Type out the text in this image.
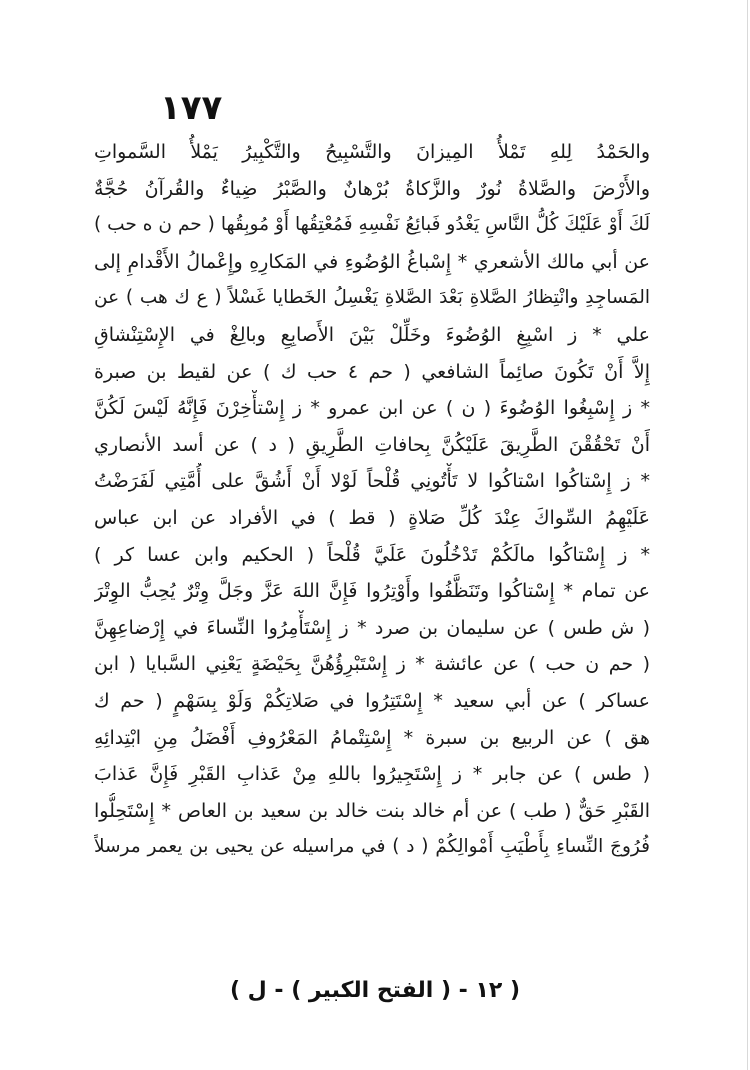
١٧٧
والحَمْدُ لِلهِ تَمْلأُ المِيزانَ والتَّسْبِيحُ والتَّكْبِيرُ يَمْلأُ السَّمواتِ
والأَرْضَ والصَّلاةُ نُورٌ والزَّكاةُ بُرْهانٌ والصَّبْرُ ضِياءٌ والقُرآنُ حُجَّةٌ
لَكَ أَوْ عَلَيْكَ كُلُّ النَّاسِ يَغْدُو فَبائِعُ نَفْسِهِ فَمُعْتِقُها أَوْ مُوبِقُها ( حم ن ه حب )
عن أبي مالك الأشعري * إِسْباغُ الوُضُوءِ في المَكارِهِ وإِعْمالُ الأَقْدامِ إلى
المَساجِدِ وانْتِظارُ الصَّلاةِ بَعْدَ الصَّلاةِ يَغْسِلُ الخَطايا غَسْلاً ( ع ك هب ) عن
علي * ز اسْبِغِ الوُضُوءَ وخَلِّلْ بَيْنَ الأَصابِعِ وبالِغْ في الإِسْتِنْشاقِ
إِلاَّ أَنْ تَكُونَ صائِماً الشافعي ( حم ٤ حب ك ) عن لقيط بن صبرة
* ز إِسْبِغُوا الوُضُوءَ ( ن ) عن ابن عمرو * ز إِسْتأْخِرْنَ فَإِنَّهُ لَيْسَ لَكُنَّ
أَنْ تَحْقُقْنَ الطَّرِيقَ عَلَيْكُنَّ بِحافاتِ الطَّرِيقِ ( د ) عن أسد الأنصاري
* ز إِسْتاكُوا اسْتاكُوا لا تَأْتُونِي قُلْحاً لَوْلا أَنْ أَشُقَّ على أُمَّتِي لَفَرَضْتُ
عَلَيْهِمُ السِّواكَ عِنْدَ كُلِّ صَلاةٍ ( قط ) في الأفراد عن ابن عباس
* ز إِسْتاكُوا مالَكُمْ تَدْخُلُونَ عَلَيَّ قُلْحاً ( الحكيم وابن عسا كر )
عن تمام * إِسْتاكُوا وتَنَظَّفُوا وأَوْتِرُوا فَإِنَّ اللهَ عَزَّ وجَلَّ وِتْرٌ يُحِبُّ الوِتْرَ
( ش طس ) عن سليمان بن صرد * ز إِسْتَأْمِرُوا النِّساءَ في إِرْضاعِهِنَّ
( حم ن حب ) عن عائشة * ز إِسْتَبْرِؤُهُنَّ بِحَيْضَةٍ يَعْنِي السَّبايا ( ابن
عساكر ) عن أبي سعيد * إِسْتَتِرُوا في صَلاتِكُمْ وَلَوْ بِسَهْمٍ ( حم ك
هق ) عن الربيع بن سبرة * إِسْتِتْمامُ المَعْرُوفِ أَفْضَلُ مِنِ ابْتِدائِهِ
( طس ) عن جابر * ز إِسْتَجِيرُوا باللهِ مِنْ عَذابِ القَبْرِ فَإِنَّ عَذابَ
القَبْرِ حَقٌّ ( طب ) عن أم خالد بنت خالد بن سعيد بن العاص * إِسْتَحِلُّوا
فُرُوجَ النِّساءِ بِأَطْيَبِ أَمْوالِكُمْ ( د ) في مراسيله عن يحيى بن يعمر مرسلاً
( ١٢ - ( الفتح الكبير ) - ل )
